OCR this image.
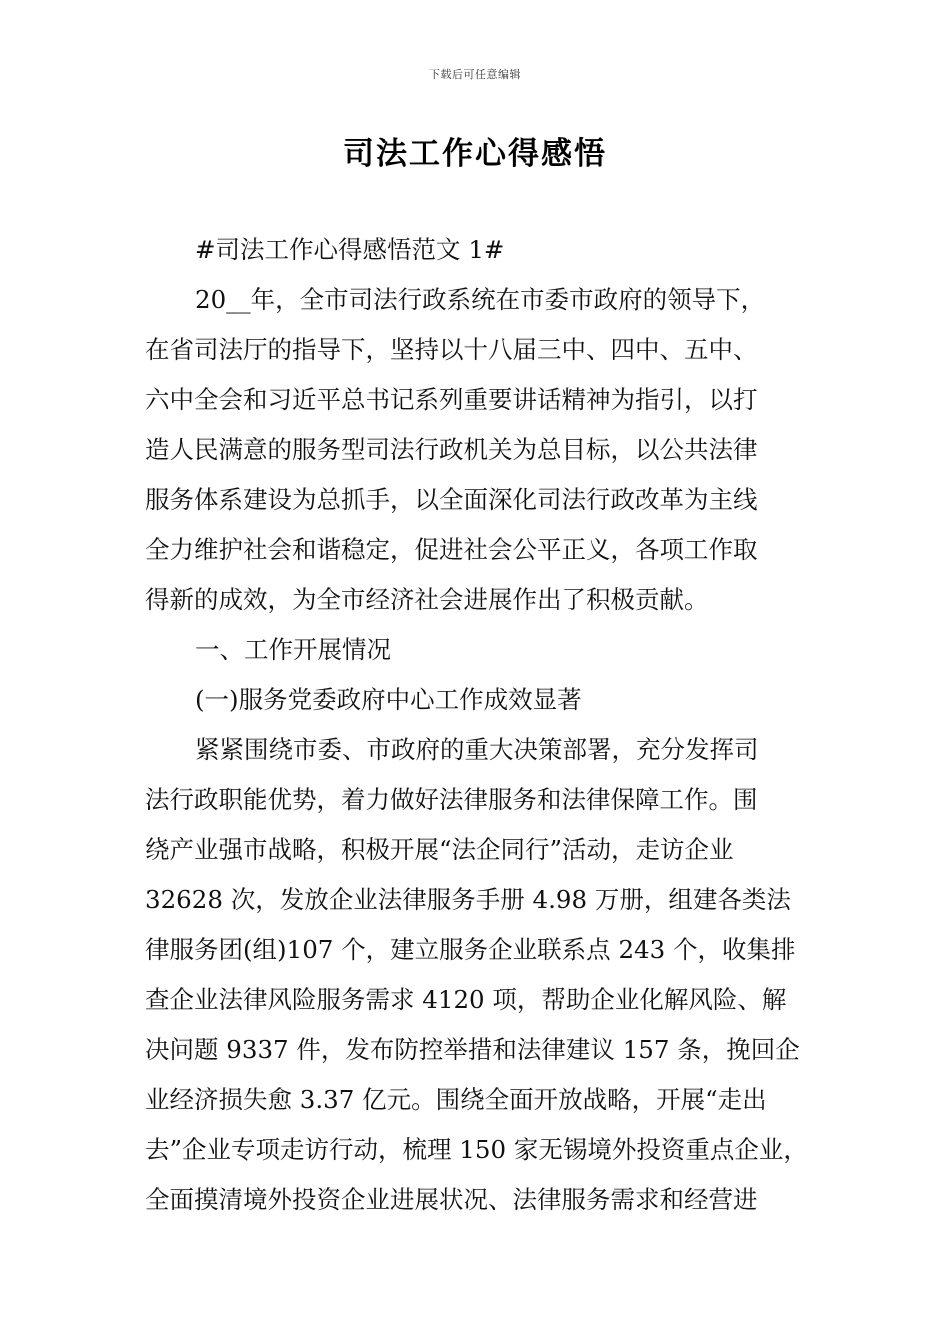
下载后可任意编辑
司法工作心得感悟
#司法工作心得感悟范文 1#
20__年，全市司法行政系统在市委市政府的领导下，
在省司法厅的指导下，坚持以十八届三中、四中、五中、
六中全会和习近平总书记系列重要讲话精神为指引，以打
造人民满意的服务型司法行政机关为总目标，以公共法律
服务体系建设为总抓手，以全面深化司法行政改革为主线
全力维护社会和谐稳定，促进社会公平正义，各项工作取
得新的成效，为全市经济社会进展作出了积极贡献。
一、工作开展情况
(一)服务党委政府中心工作成效显著
紧紧围绕市委、市政府的重大决策部署，充分发挥司
法行政职能优势，着力做好法律服务和法律保障工作。围
绕产业强市战略，积极开展“法企同行”活动，走访企业
32628 次，发放企业法律服务手册 4.98 万册，组建各类法
律服务团(组)107 个，建立服务企业联系点 243 个，收集排
查企业法律风险服务需求 4120 项，帮助企业化解风险、解
决问题 9337 件，发布防控举措和法律建议 157 条，挽回企
业经济损失愈 3.37 亿元。围绕全面开放战略，开展“走出
去”企业专项走访行动，梳理 150 家无锡境外投资重点企业，
全面摸清境外投资企业进展状况、法律服务需求和经营进
